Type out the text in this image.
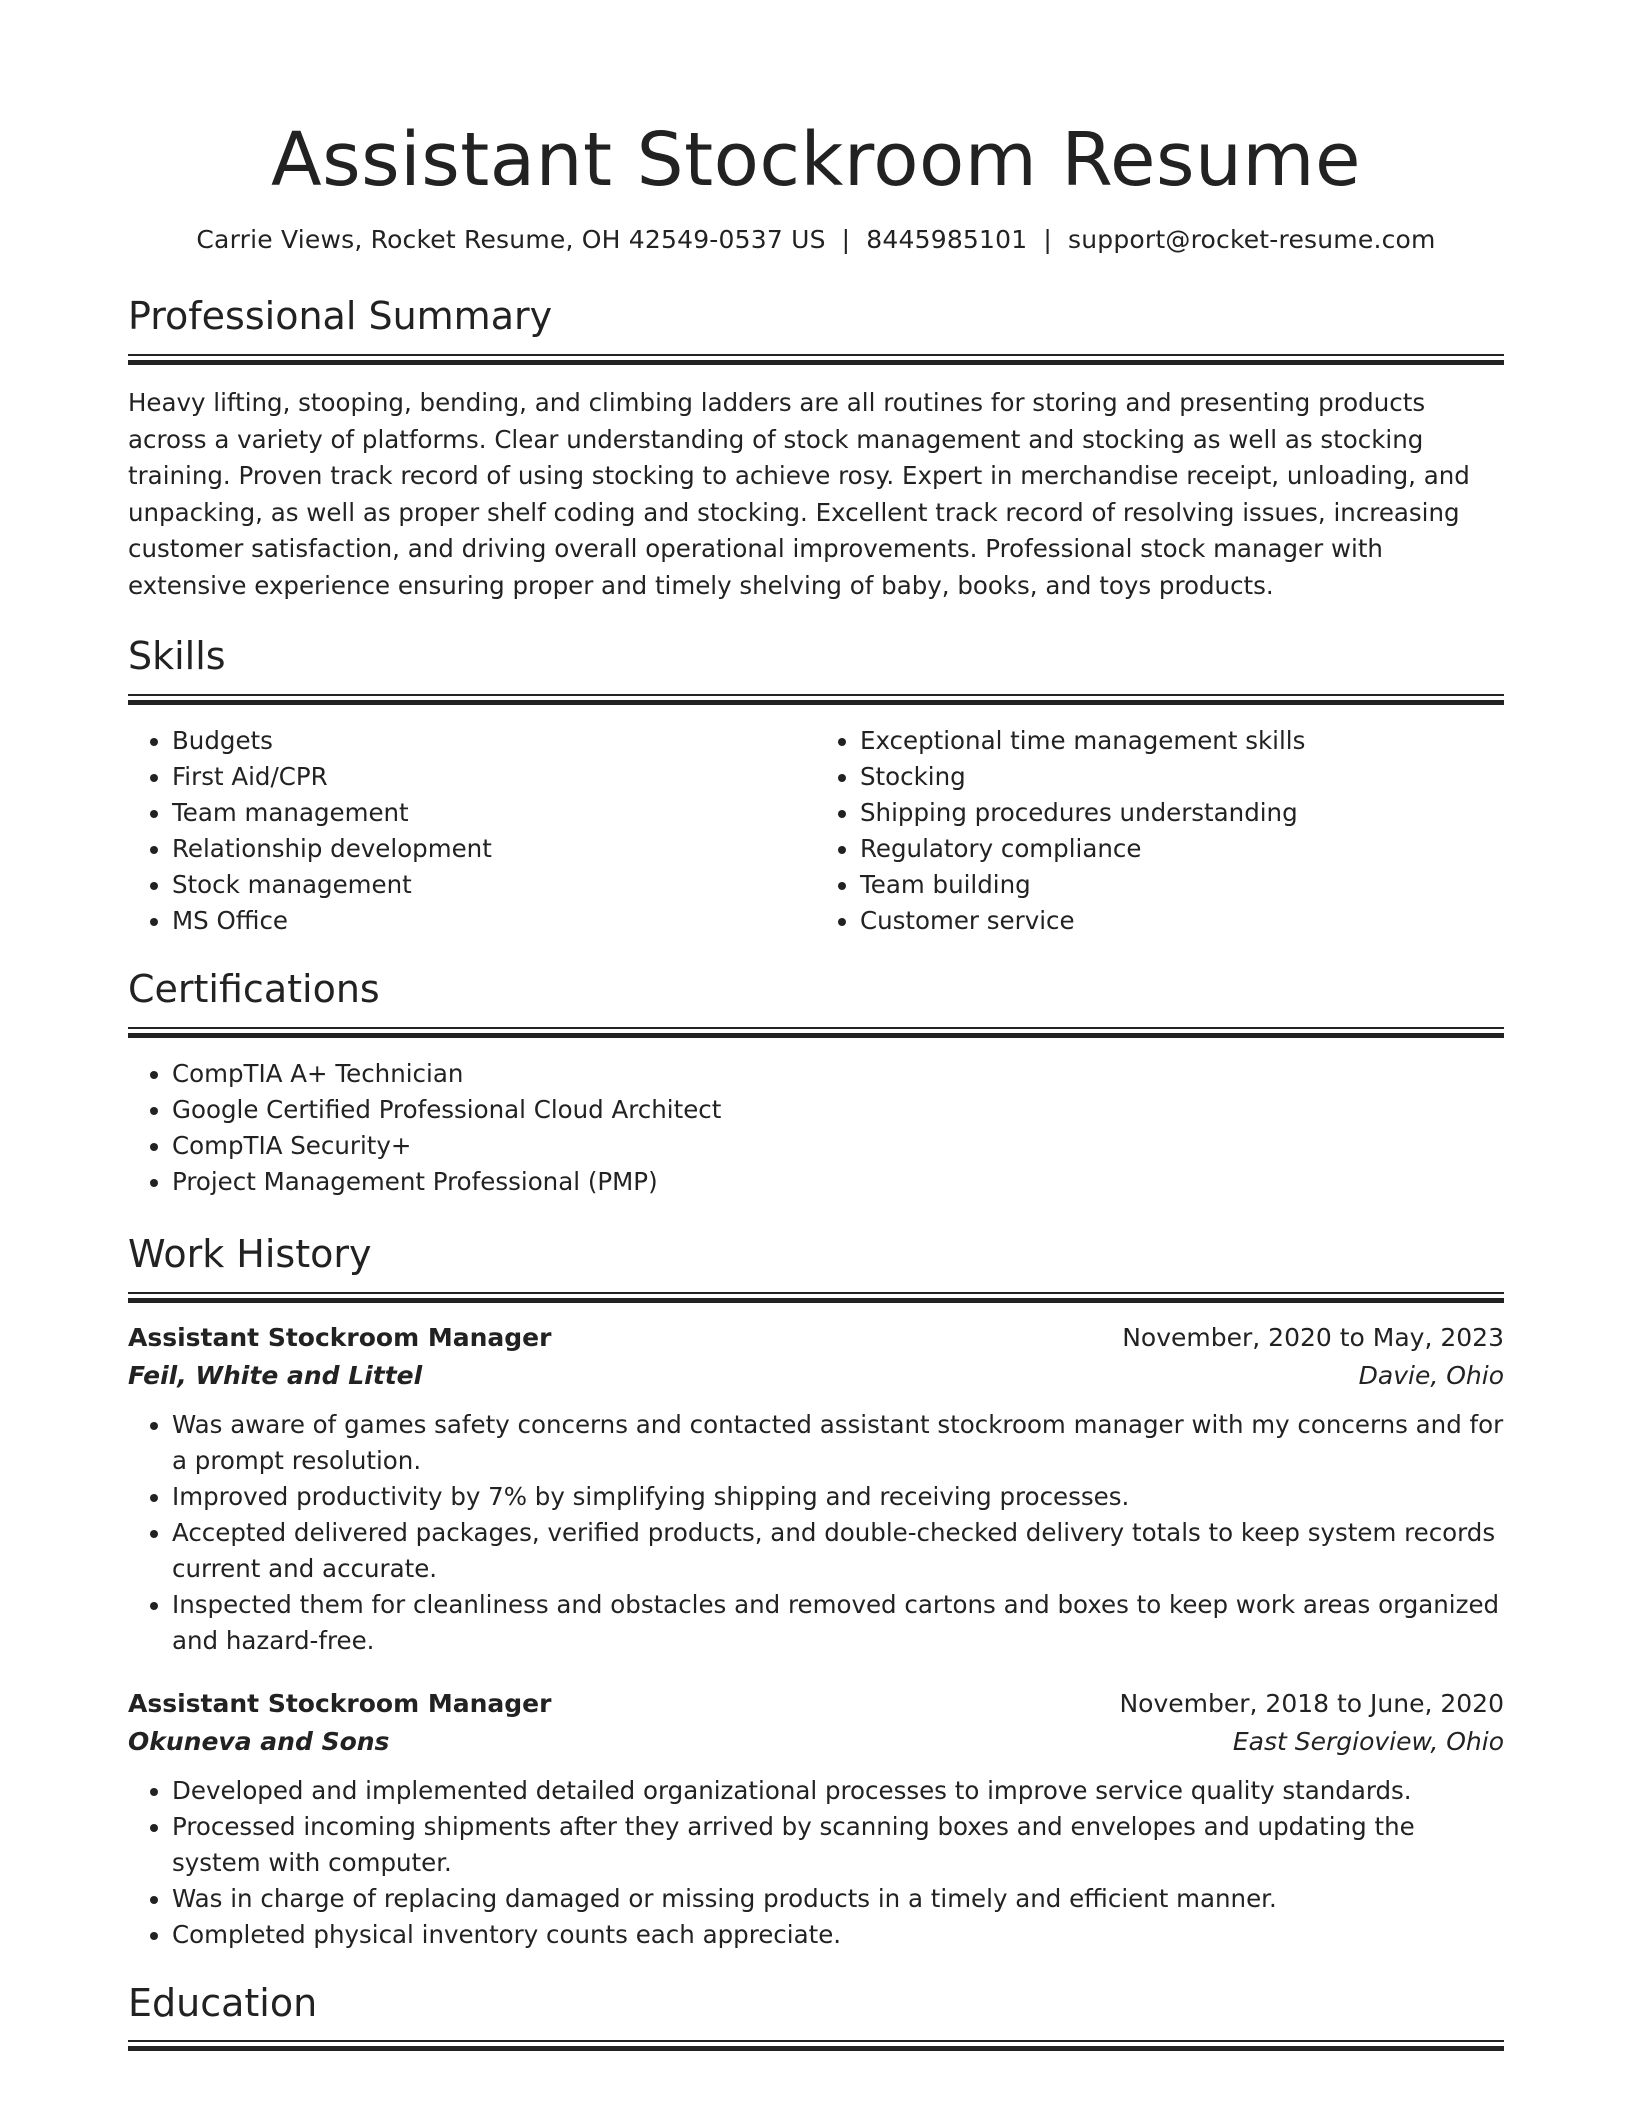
Assistant Stockroom Resume
Carrie Views, Rocket Resume, OH 42549-0537 US | 8445985101 | support@rocket-resume.com
Professional Summary

Heavy lifting, stooping, bending, and climbing ladders are all routines for storing and presenting products across a variety of platforms. Clear understanding of stock management and stocking as well as stocking training. Proven track record of using stocking to achieve rosy. Expert in merchandise receipt, unloading, and unpacking, as well as proper shelf coding and stocking. Excellent track record of resolving issues, increasing customer satisfaction, and driving overall operational improvements. Professional stock manager with extensive experience ensuring proper and timely shelving of baby, books, and toys products.

Skills
• Budgets
• First Aid/CPR
• Team management
• Relationship development
• Stock management
• MS Office
• Exceptional time management skills
• Stocking
• Shipping procedures understanding
• Regulatory compliance
• Team building
• Customer service
Certifications
• CompTIA A+ Technician
• Google Certified Professional Cloud Architect
• CompTIA Security+
• Project Management Professional (PMP)
Work History
Assistant Stockroom Manager	November, 2020 to May, 2023
Feil, White and Littel	Davie, Ohio
• Was aware of games safety concerns and contacted assistant stockroom manager with my concerns and for a prompt resolution.
• Improved productivity by 7% by simplifying shipping and receiving processes.
• Accepted delivered packages, verified products, and double-checked delivery totals to keep system records current and accurate.
• Inspected them for cleanliness and obstacles and removed cartons and boxes to keep work areas organized and hazard-free.
Assistant Stockroom Manager	November, 2018 to June, 2020
Okuneva and Sons	East Sergioview, Ohio
• Developed and implemented detailed organizational processes to improve service quality standards.
• Processed incoming shipments after they arrived by scanning boxes and envelopes and updating the system with computer.
• Was in charge of replacing damaged or missing products in a timely and efficient manner.
• Completed physical inventory counts each appreciate.
Education
